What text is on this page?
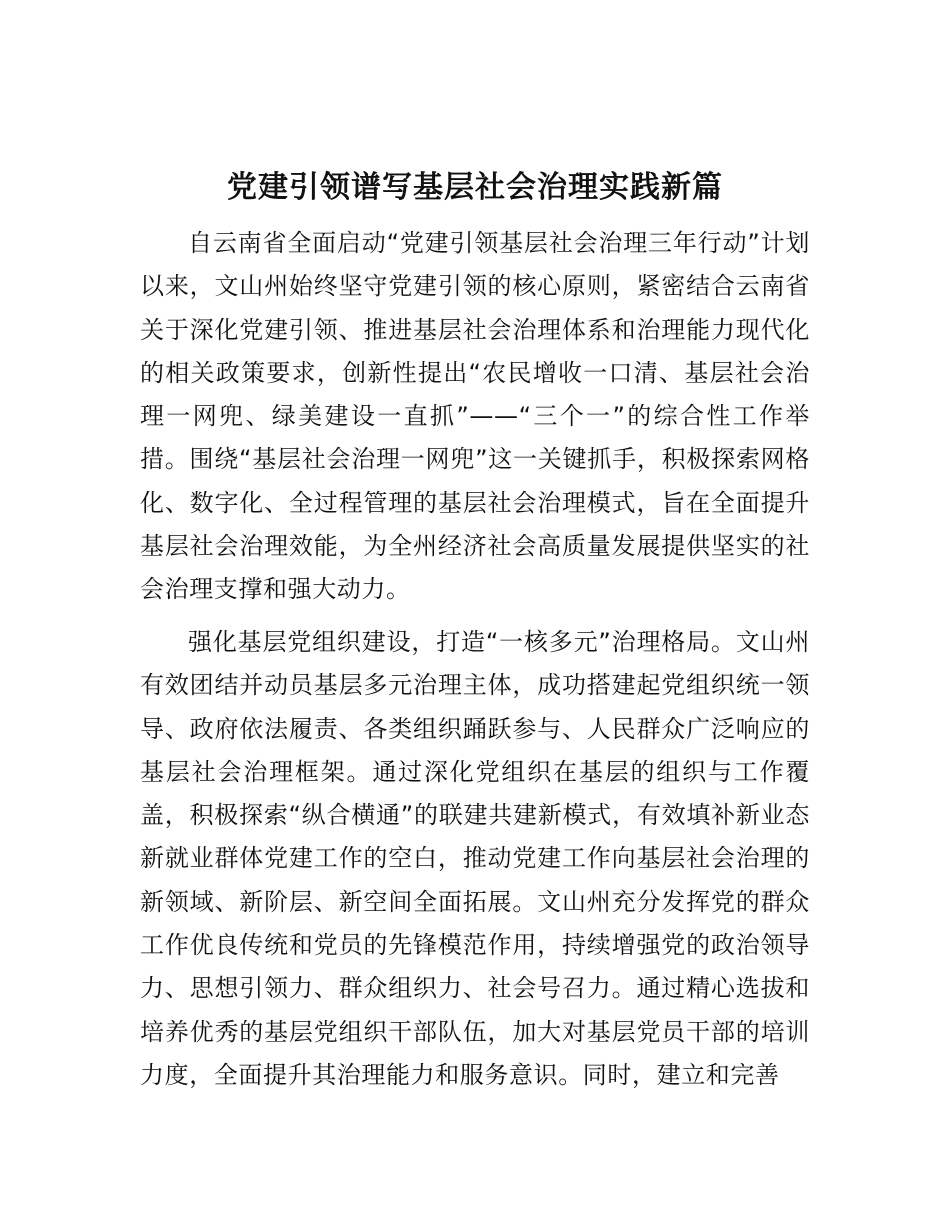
党建引领谱写基层社会治理实践新篇

自云南省全面启动“党建引领基层社会治理三年行动”计划以来，文山州始终坚守党建引领的核心原则，紧密结合云南省关于深化党建引领、推进基层社会治理体系和治理能力现代化的相关政策要求，创新性提出“农民增收一口清、基层社会治理一网兜、绿美建设一直抓”——“三个一”的综合性工作举措。围绕“基层社会治理一网兜”这一关键抓手，积极探索网格化、数字化、全过程管理的基层社会治理模式，旨在全面提升基层社会治理效能，为全州经济社会高质量发展提供坚实的社会治理支撑和强大动力。

强化基层党组织建设，打造“一核多元”治理格局。文山州有效团结并动员基层多元治理主体，成功搭建起党组织统一领导、政府依法履责、各类组织踊跃参与、人民群众广泛响应的基层社会治理框架。通过深化党组织在基层的组织与工作覆盖，积极探索“纵合横通”的联建共建新模式，有效填补新业态新就业群体党建工作的空白，推动党建工作向基层社会治理的新领域、新阶层、新空间全面拓展。文山州充分发挥党的群众工作优良传统和党员的先锋模范作用，持续增强党的政治领导力、思想引领力、群众组织力、社会号召力。通过精心选拔和培养优秀的基层党组织干部队伍，加大对基层党员干部的培训力度，全面提升其治理能力和服务意识。同时，建立和完善
